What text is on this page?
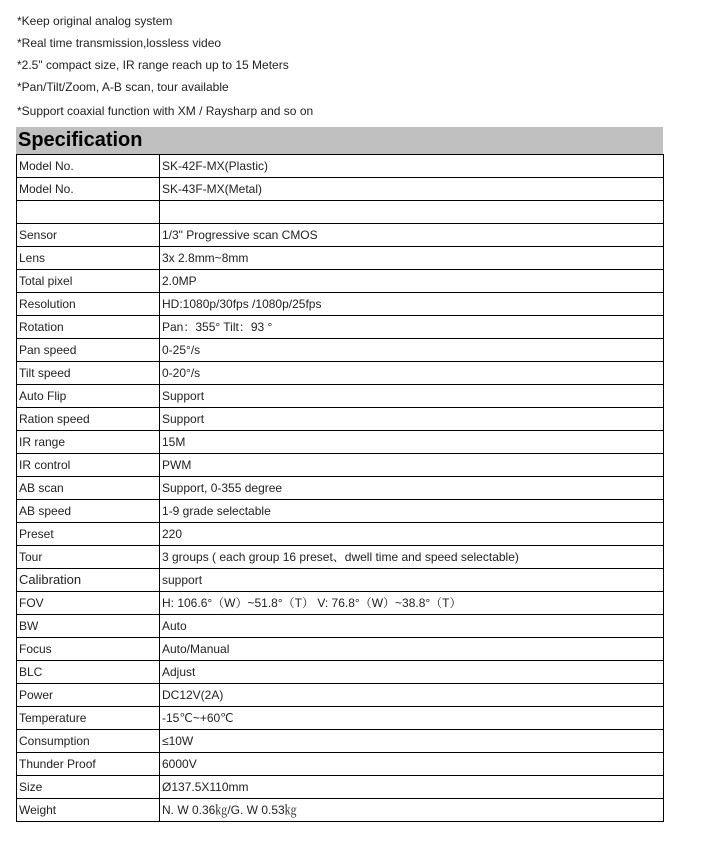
*Keep original analog system
*Real time transmission,lossless video
*2.5" compact size, IR range reach up to 15 Meters
*Pan/Tilt/Zoom, A-B scan, tour available
*Support coaxial function with XM / Raysharp and so on
Specification
Model No.	SK-42F-MX(Plastic)
Model No.	SK-43F-MX(Metal)

Sensor	1/3" Progressive scan CMOS
Lens	3x 2.8mm~8mm
Total pixel	2.0MP
Resolution	HD:1080p/30fps /1080p/25fps
Rotation	Pan：355° Tilt：93 °
Pan speed	0-25°/s
Tilt speed	0-20°/s
Auto Flip	Support
Ration speed	Support
IR range	15M
IR control	PWM
AB scan	Support, 0-355 degree
AB speed	1-9 grade selectable
Preset	220
Tour	3 groups ( each group 16 preset、dwell time and speed selectable)
Calibration	support
FOV	H: 106.6°（W）~51.8°（T） V: 76.8°（W）~38.8°（T）
BW	Auto
Focus	Auto/Manual
BLC	Adjust
Power	DC12V(2A)
Temperature	-15℃~+60℃
Consumption	≤10W
Thunder Proof	6000V
Size	Ø137.5X110mm
Weight	N. W 0.36㎏/G. W 0.53㎏
